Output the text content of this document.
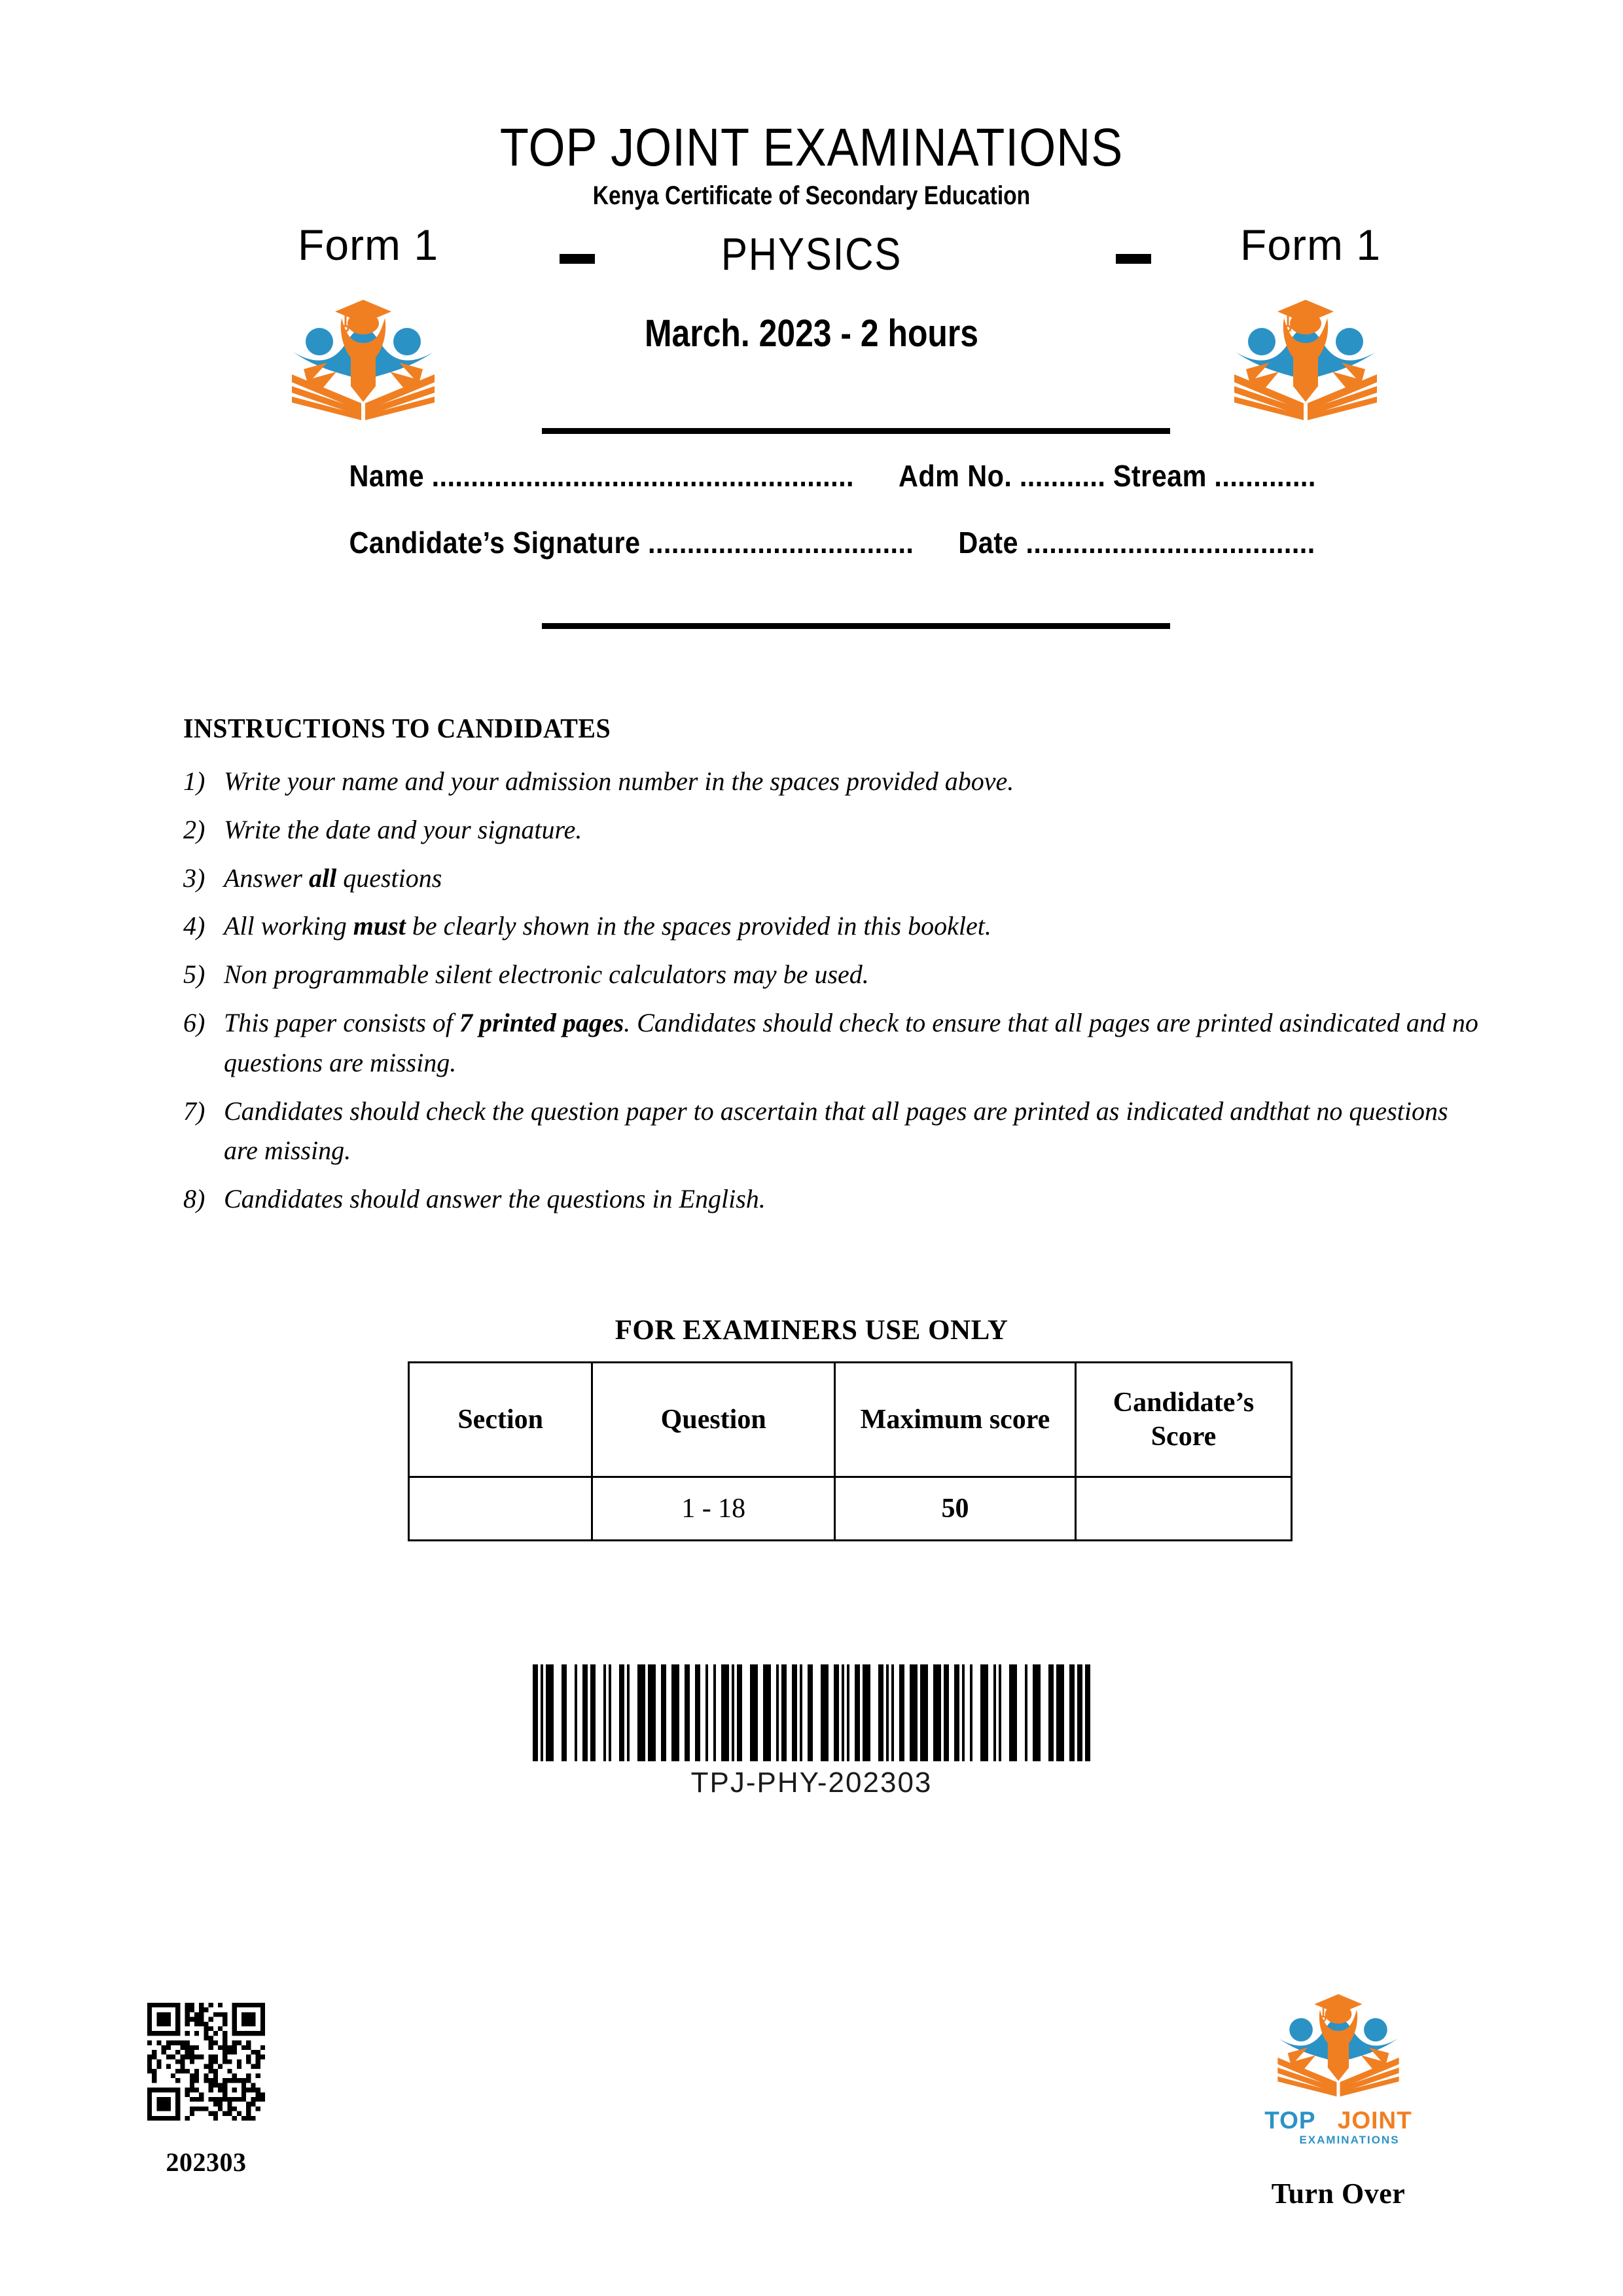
TOP JOINT EXAMINATIONS
Kenya Certificate of Secondary Education
Form 1	PHYSICS	Form 1
March. 2023 - 2 hours
Name ...................................................... Adm No. ........... Stream .............
Candidate’s Signature .................................. Date .....................................
INSTRUCTIONS TO CANDIDATES
1) Write your name and your admission number in the spaces provided above.
2) Write the date and your signature.
3) Answer all questions
4) All working must be clearly shown in the spaces provided in this booklet.
5) Non programmable silent electronic calculators may be used.
6) This paper consists of 7 printed pages. Candidates should check to ensure that all pages are printed asindicated and no questions are missing.
7) Candidates should check the question paper to ascertain that all pages are printed as indicated andthat no questions are missing.
8) Candidates should answer the questions in English.
FOR EXAMINERS USE ONLY
Section	Question	Maximum score	Candidate’s Score
	1 - 18	50	
TPJ-PHY-202303
202303
TOP JOINT
EXAMINATIONS
Turn Over
